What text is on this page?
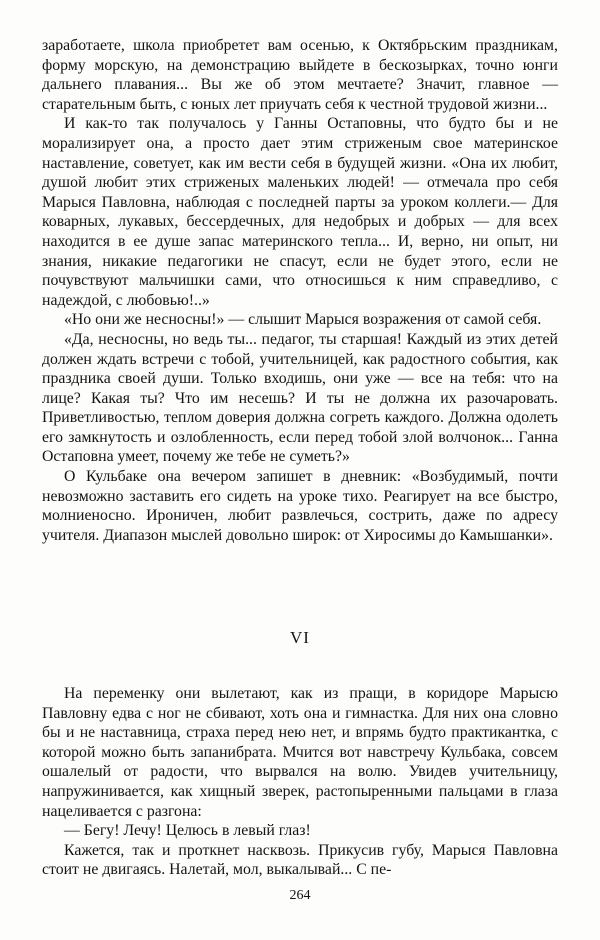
заработаете, школа приобретет вам осенью, к Октябрьским праздникам, форму морскую, на демонстрацию выйдете в бескозырках, точно юнги дальнего плавания... Вы же об этом мечтаете? Значит, главное — старательным быть, с юных лет приучать себя к честной трудовой жизни...

И как-то так получалось у Ганны Остаповны, что будто бы и не морализирует она, а просто дает этим стриженым свое материнское наставление, советует, как им вести себя в будущей жизни. «Она их любит, душой любит этих стриженых маленьких людей! — отмечала про себя Марыся Павловна, наблюдая с последней парты за уроком коллеги.— Для коварных, лукавых, бессердечных, для недобрых и добрых — для всех находится в ее душе запас материнского тепла... И, верно, ни опыт, ни знания, никакие педагогики не спасут, если не будет этого, если не почувствуют мальчишки сами, что относишься к ним справедливо, с надеждой, с любовью!..»

«Но они же несносны!» — слышит Марыся возражения от самой себя.

«Да, несносны, но ведь ты... педагог, ты старшая! Каждый из этих детей должен ждать встречи с тобой, учительницей, как радостного события, как праздника своей души. Только входишь, они уже — все на тебя: что на лице? Какая ты? Что им несешь? И ты не должна их разочаровать. Приветливостью, теплом доверия должна согреть каждого. Должна одолеть его замкнутость и озлобленность, если перед тобой злой волчонок... Ганна Остаповна умеет, почему же тебе не суметь?»

О Кульбаке она вечером запишет в дневник: «Возбудимый, почти невозможно заставить его сидеть на уроке тихо. Реагирует на все быстро, молниеносно. Ироничен, любит развлечься, сострить, даже по адресу учителя. Диапазон мыслей довольно широк: от Хиросимы до Камышанки».

VI

На переменку они вылетают, как из пращи, в коридоре Марысю Павловну едва с ног не сбивают, хоть она и гимнастка. Для них она словно бы и не наставница, страха перед нею нет, и впрямь будто практикантка, с которой можно быть запанибрата. Мчится вот навстречу Кульбака, совсем ошалелый от радости, что вырвался на волю. Увидев учительницу, напружинивается, как хищный зверек, растопыренными пальцами в глаза нацеливается с разгона:

— Бегу! Лечу! Целюсь в левый глаз!

Кажется, так и проткнет насквозь. Прикусив губу, Марыся Павловна стоит не двигаясь. Налетай, мол, выкалывай... С пе-

264
